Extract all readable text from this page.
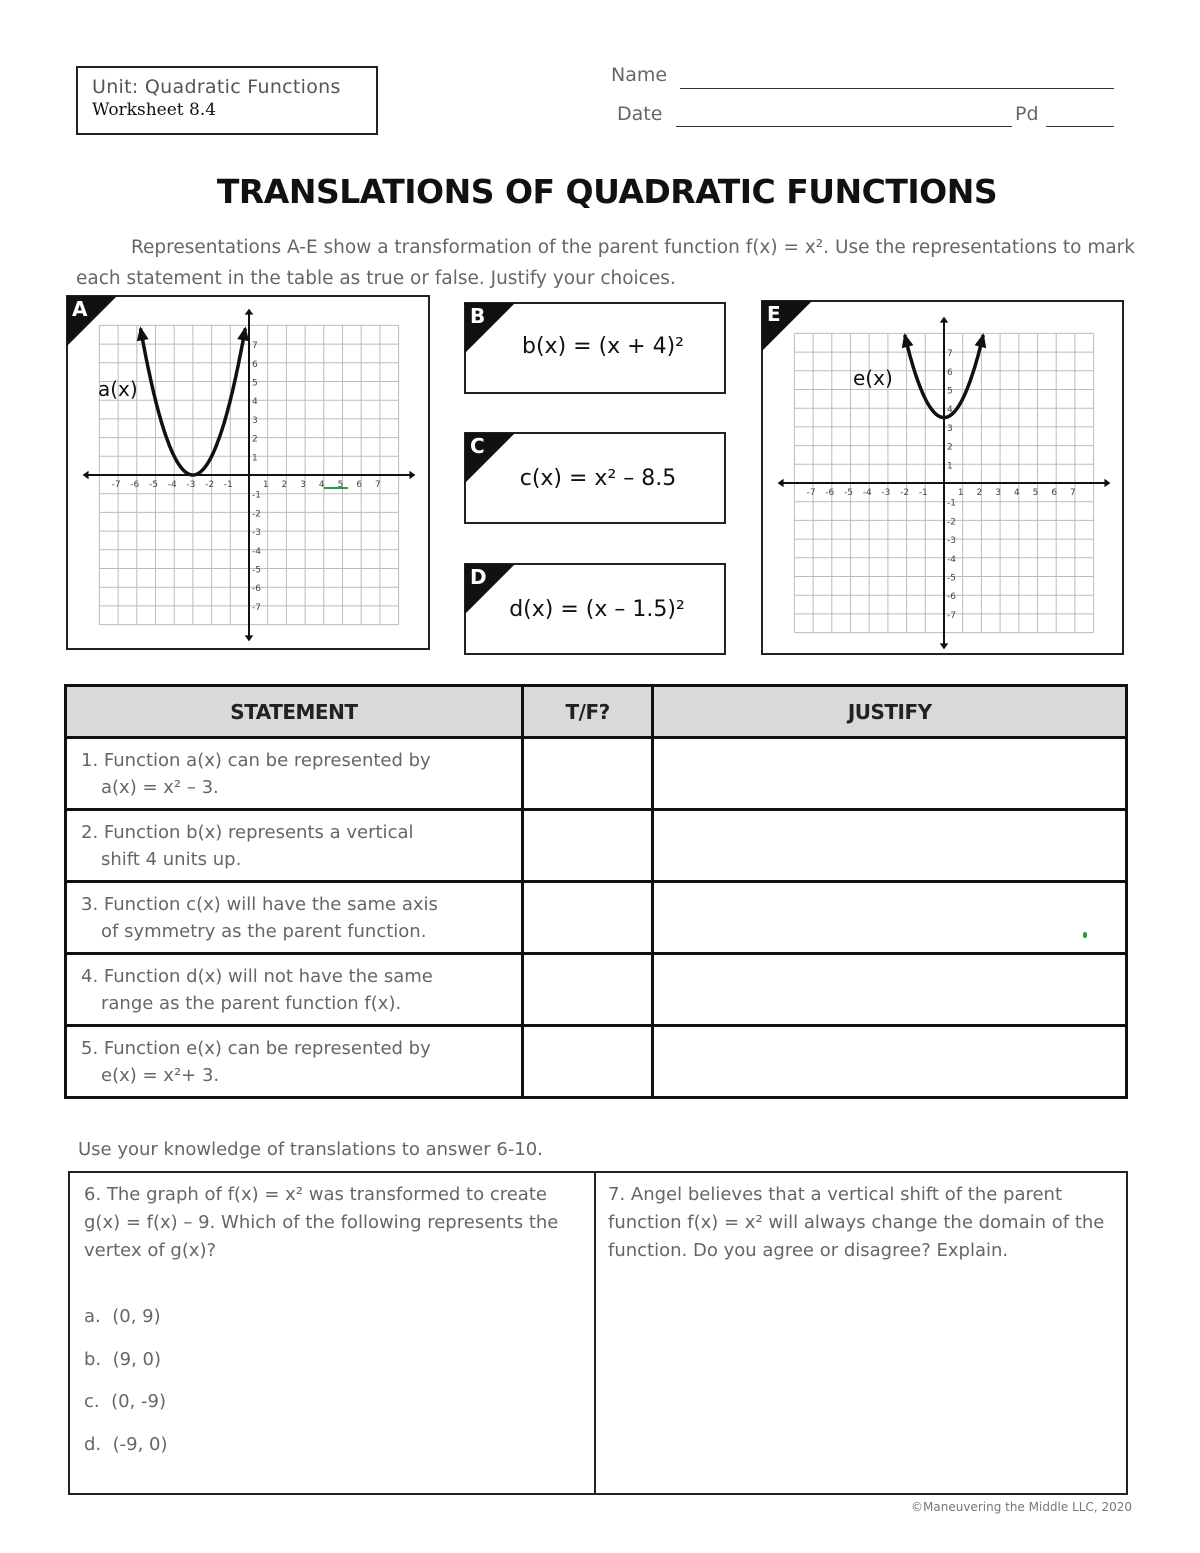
Unit: Quadratic Functions
Worksheet 8.4
Name
Date	Pd
TRANSLATIONS OF QUADRATIC FUNCTIONS
Representations A-E show a transformation of the parent function f(x) = x². Use the representations to mark each statement in the table as true or false. Justify your choices.
-7 -6 -5 -4 -3 -2 -1	1 2 3 4 5 6 7
7
6
5
4
3
2
1
-1
-2
-3
-4
-5
-6
-7
A
a(x)
B
b(x) = (x + 4)²
C
c(x) = x² – 8.5
D
d(x) = (x – 1.5)²
-7 -6 -5 -4 -3 -2 -1	1 2 3 4 5 6 7
7
6
5
4
3
2
1
-1
-2
-3
-4
-5
-6
-7
E
e(x)
STATEMENT	T/F?	JUSTIFY

1. Function a(x) can be represented by
a(x) = x² – 3.		

2. Function b(x) represents a vertical
shift 4 units up.		

3. Function c(x) will have the same axis
of symmetry as the parent function.		

4. Function d(x) will not have the same
range as the parent function f(x).		

5. Function e(x) can be represented by
e(x) = x²+ 3.		

Use your knowledge of translations to answer 6-10.
6. The graph of f(x) = x² was transformed to create g(x) = f(x) – 9. Which of the following represents the vertex of g(x)?
a. (0, 9)
b. (9, 0)
c. (0, -9)
d. (-9, 0)
7. Angel believes that a vertical shift of the parent function f(x) = x² will always change the domain of the function. Do you agree or disagree? Explain.
©Maneuvering the Middle LLC, 2020
